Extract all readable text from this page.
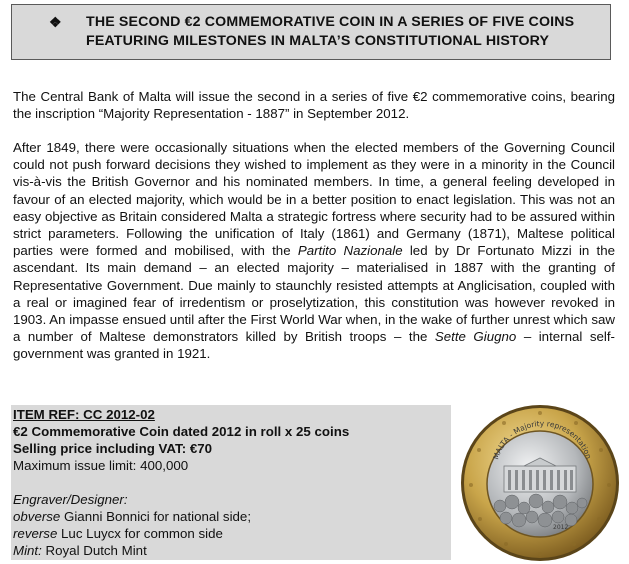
❖ THE SECOND €2 COMMEMORATIVE COIN IN A SERIES OF FIVE COINS
FEATURING MILESTONES IN MALTA’S CONSTITUTIONAL HISTORY
The Central Bank of Malta will issue the second in a series of five €2 commemorative coins, bearing the inscription “Majority Representation - 1887” in September 2012.
After 1849, there were occasionally situations when the elected members of the Governing Council could not push forward decisions they wished to implement as they were in a minority in the Council vis-à-vis the British Governor and his nominated members. In time, a general feeling developed in favour of an elected majority, which would be in a better position to enact legislation. This was not an easy objective as Britain considered Malta a strategic fortress where security had to be assured within strict parameters. Following the unification of Italy (1861) and Germany (1871), Maltese political parties were formed and mobilised, with the Partito Nazionale led by Dr Fortunato Mizzi in the ascendant. Its main demand – an elected majority – materialised in 1887 with the granting of Representative Government. Due mainly to staunchly resisted attempts at Anglicisation, coupled with a real or imagined fear of irredentism or proselytization, this constitution was however revoked in 1903. An impasse ensued until after the First World War when, in the wake of further unrest which saw a number of Maltese demonstrators killed by British troops – the Sette Giugno – internal self-government was granted in 1921.
ITEM REF: CC 2012-02
€2 Commemorative Coin dated 2012 in roll x 25 coins
Selling price including VAT: €70
Maximum issue limit: 400,000
Engraver/Designer:
obverse Gianni Bonnici for national side;
reverse Luc Luycx for common side
Mint: Royal Dutch Mint
MALTA - Majority representation
2012
